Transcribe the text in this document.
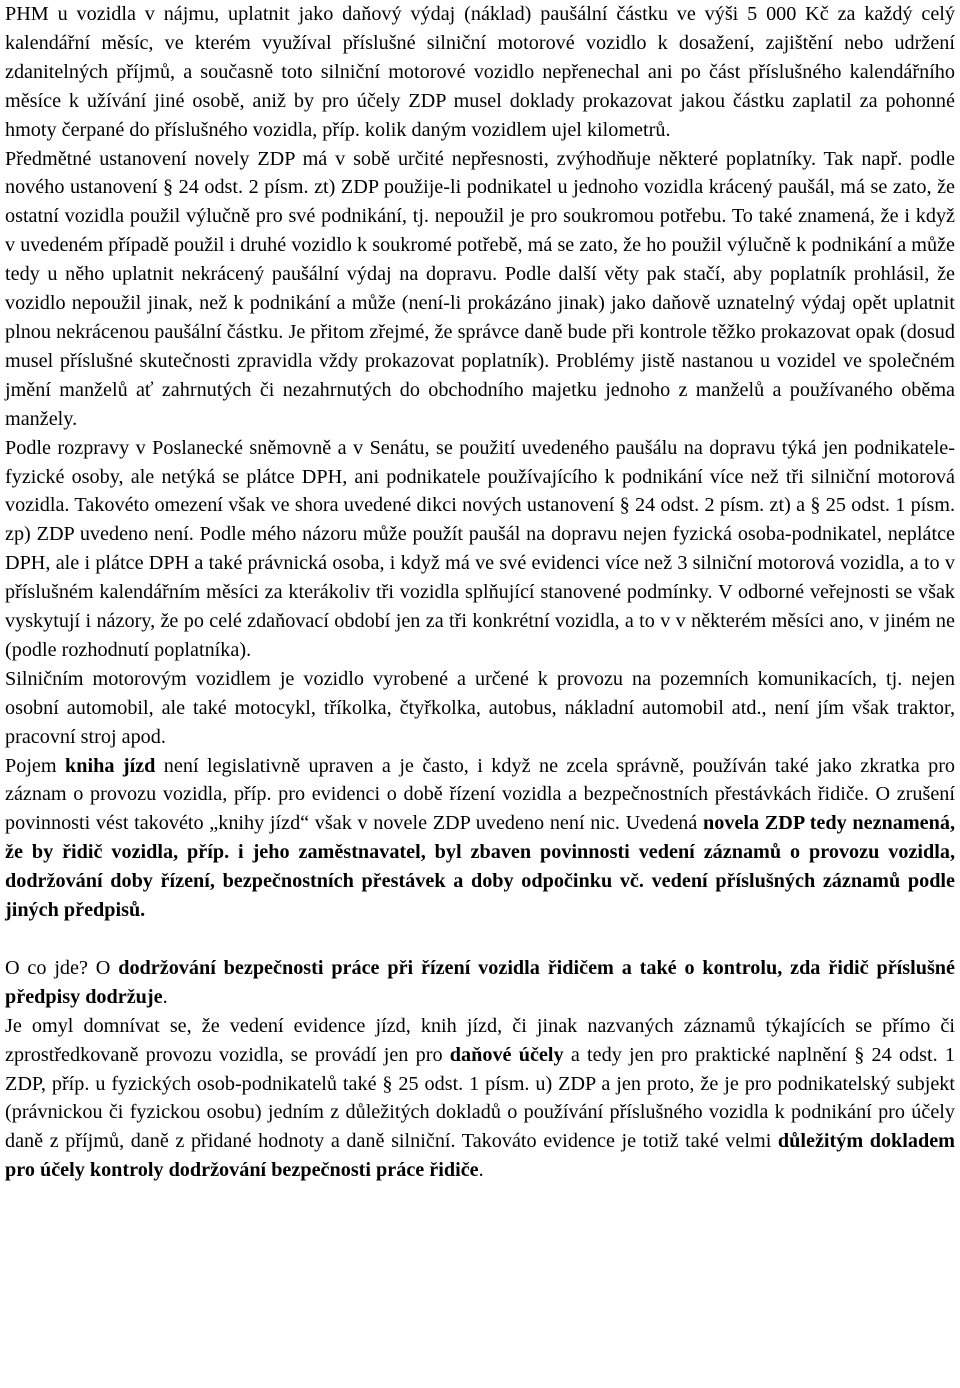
PHM u vozidla v nájmu, uplatnit jako daňový výdaj (náklad) paušální částku ve výši 5 000 Kč za každý celý kalendářní měsíc, ve kterém využíval příslušné silniční motorové vozidlo k dosažení, zajištění nebo udržení zdanitelných příjmů, a současně toto silniční motorové vozidlo nepřenechal ani po část příslušného kalendářního měsíce k užívání jiné osobě, aniž by pro účely ZDP musel doklady prokazovat jakou částku zaplatil za pohonné hmoty čerpané do příslušného vozidla, příp. kolik daným vozidlem ujel kilometrů.

Předmětné ustanovení novely ZDP má v sobě určité nepřesnosti, zvýhodňuje některé poplatníky. Tak např. podle nového ustanovení § 24 odst. 2 písm. zt) ZDP použije-li podnikatel u jednoho vozidla krácený paušál, má se zato, že ostatní vozidla použil výlučně pro své podnikání, tj. nepoužil je pro soukromou potřebu. To také znamená, že i když v uvedeném případě použil i druhé vozidlo k soukromé potřebě, má se zato, že ho použil výlučně k podnikání a může tedy u něho uplatnit nekrácený paušální výdaj na dopravu. Podle další věty pak stačí, aby poplatník prohlásil, že vozidlo nepoužil jinak, než k podnikání a může (není-li prokázáno jinak) jako daňově uznatelný výdaj opět uplatnit plnou nekrácenou paušální částku. Je přitom zřejmé, že správce daně bude při kontrole těžko prokazovat opak (dosud musel příslušné skutečnosti zpravidla vždy prokazovat poplatník). Problémy jistě nastanou u vozidel ve společném jmění manželů ať zahrnutých či nezahrnutých do obchodního majetku jednoho z manželů a používaného oběma manžely.

Podle rozpravy v Poslanecké sněmovně a v Senátu, se použití uvedeného paušálu na dopravu týká jen podnikatele-fyzické osoby, ale netýká se plátce DPH, ani podnikatele používajícího k podnikání více než tři silniční motorová vozidla. Takovéto omezení však ve shora uvedené dikci nových ustanovení § 24 odst. 2 písm. zt) a § 25 odst. 1 písm. zp) ZDP uvedeno není. Podle mého názoru může použít paušál na dopravu nejen fyzická osoba-podnikatel, neplátce DPH, ale i plátce DPH a také právnická osoba, i když má ve své evidenci více než 3 silniční motorová vozidla, a to v příslušném kalendářním měsíci za kterákoliv tři vozidla splňující stanovené podmínky. V odborné veřejnosti se však vyskytují i názory, že po celé zdaňovací období jen za tři konkrétní vozidla, a to v v některém měsíci ano, v jiném ne (podle rozhodnutí poplatníka).

Silničním motorovým vozidlem je vozidlo vyrobené a určené k provozu na pozemních komunikacích, tj. nejen osobní automobil, ale také motocykl, tříkolka, čtyřkolka, autobus, nákladní automobil atd., není jím však traktor, pracovní stroj apod.

Pojem kniha jízd není legislativně upraven a je často, i když ne zcela správně, používán také jako zkratka pro záznam o provozu vozidla, příp. pro evidenci o době řízení vozidla a bezpečnostních přestávkách řidiče. O zrušení povinnosti vést takovéto „knihy jízd“ však v novele ZDP uvedeno není nic. Uvedená novela ZDP tedy neznamená, že by řidič vozidla, příp. i jeho zaměstnavatel, byl zbaven povinnosti vedení záznamů o provozu vozidla, dodržování doby řízení, bezpečnostních přestávek a doby odpočinku vč. vedení příslušných záznamů podle jiných předpisů.

O co jde? O dodržování bezpečnosti práce při řízení vozidla řidičem a také o kontrolu, zda řidič příslušné předpisy dodržuje.

Je omyl domnívat se, že vedení evidence jízd, knih jízd, či jinak nazvaných záznamů týkajících se přímo či zprostředkovaně provozu vozidla, se provádí jen pro daňové účely a tedy jen pro praktické naplnění § 24 odst. 1 ZDP, příp. u fyzických osob-podnikatelů také § 25 odst. 1 písm. u) ZDP a jen proto, že je pro podnikatelský subjekt (právnickou či fyzickou osobu) jedním z důležitých dokladů o používání příslušného vozidla k podnikání pro účely daně z příjmů, daně z přidané hodnoty a daně silniční. Takováto evidence je totiž také velmi důležitým dokladem pro účely kontroly dodržování bezpečnosti práce řidiče.
